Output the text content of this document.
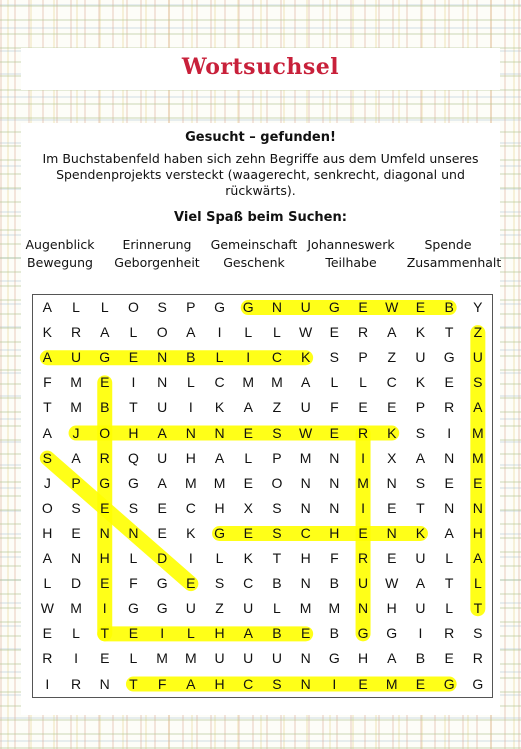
Wortsuchsel
Gesucht – gefunden!
Im Buchstabenfeld haben sich zehn Begriffe aus dem Umfeld unseres
Spendenprojekts versteckt (waagerecht, senkrecht, diagonal und rückwärts).
Viel Spaß beim Suchen:
Augenblick Erinnerung Gemeinschaft Johanneswerk Spende
Bewegung Geborgenheit Geschenk	Teilhabe Zusammenhalt
A	L	L	O	S	P	G	G	N	U	G	E	W	E	B	Y
K	R	A	L	O	A	I	L	L	W	E	R	A	K	T	Z
A	U	G	E	N	B	L	I	C	K	S	P	Z	U	G	U
F	M	E	I	N	L	C	M	M	A	L	L	C	K	E	S
T	M	B	T	U	I	K	A	Z	U	F	E	E	P	R	A
A	J	O	H	A	N	N	E	S	W	E	R	K	S	I	M
S	A	R	Q	U	H	A	L	P	M	N	I	X	A	N	M
J	P	G	G	A	M	M	E	O	N	N	M	N	S	E	E
O	S	E	S	E	C	H	X	S	N	N	I	E	T	N	N
H	E	N	N	E	K	G	E	S	C	H	E	N	K	A	H
A	N	H	L	D	I	L	K	T	H	F	R	E	U	L	A
L	D	E	F	G	E	S	C	B	N	B	U	W	A	T	L
W	M	I	G	G	U	Z	U	L	M	M	N	H	U	L	T
E	L	T	E	I	L	H	A	B	E	B	G	G	I	R	S
R	I	E	L	M	M	U	U	U	N	G	H	A	B	E	R
I	R	N	T	F	A	H	C	S	N	I	E	M	E	G	G
